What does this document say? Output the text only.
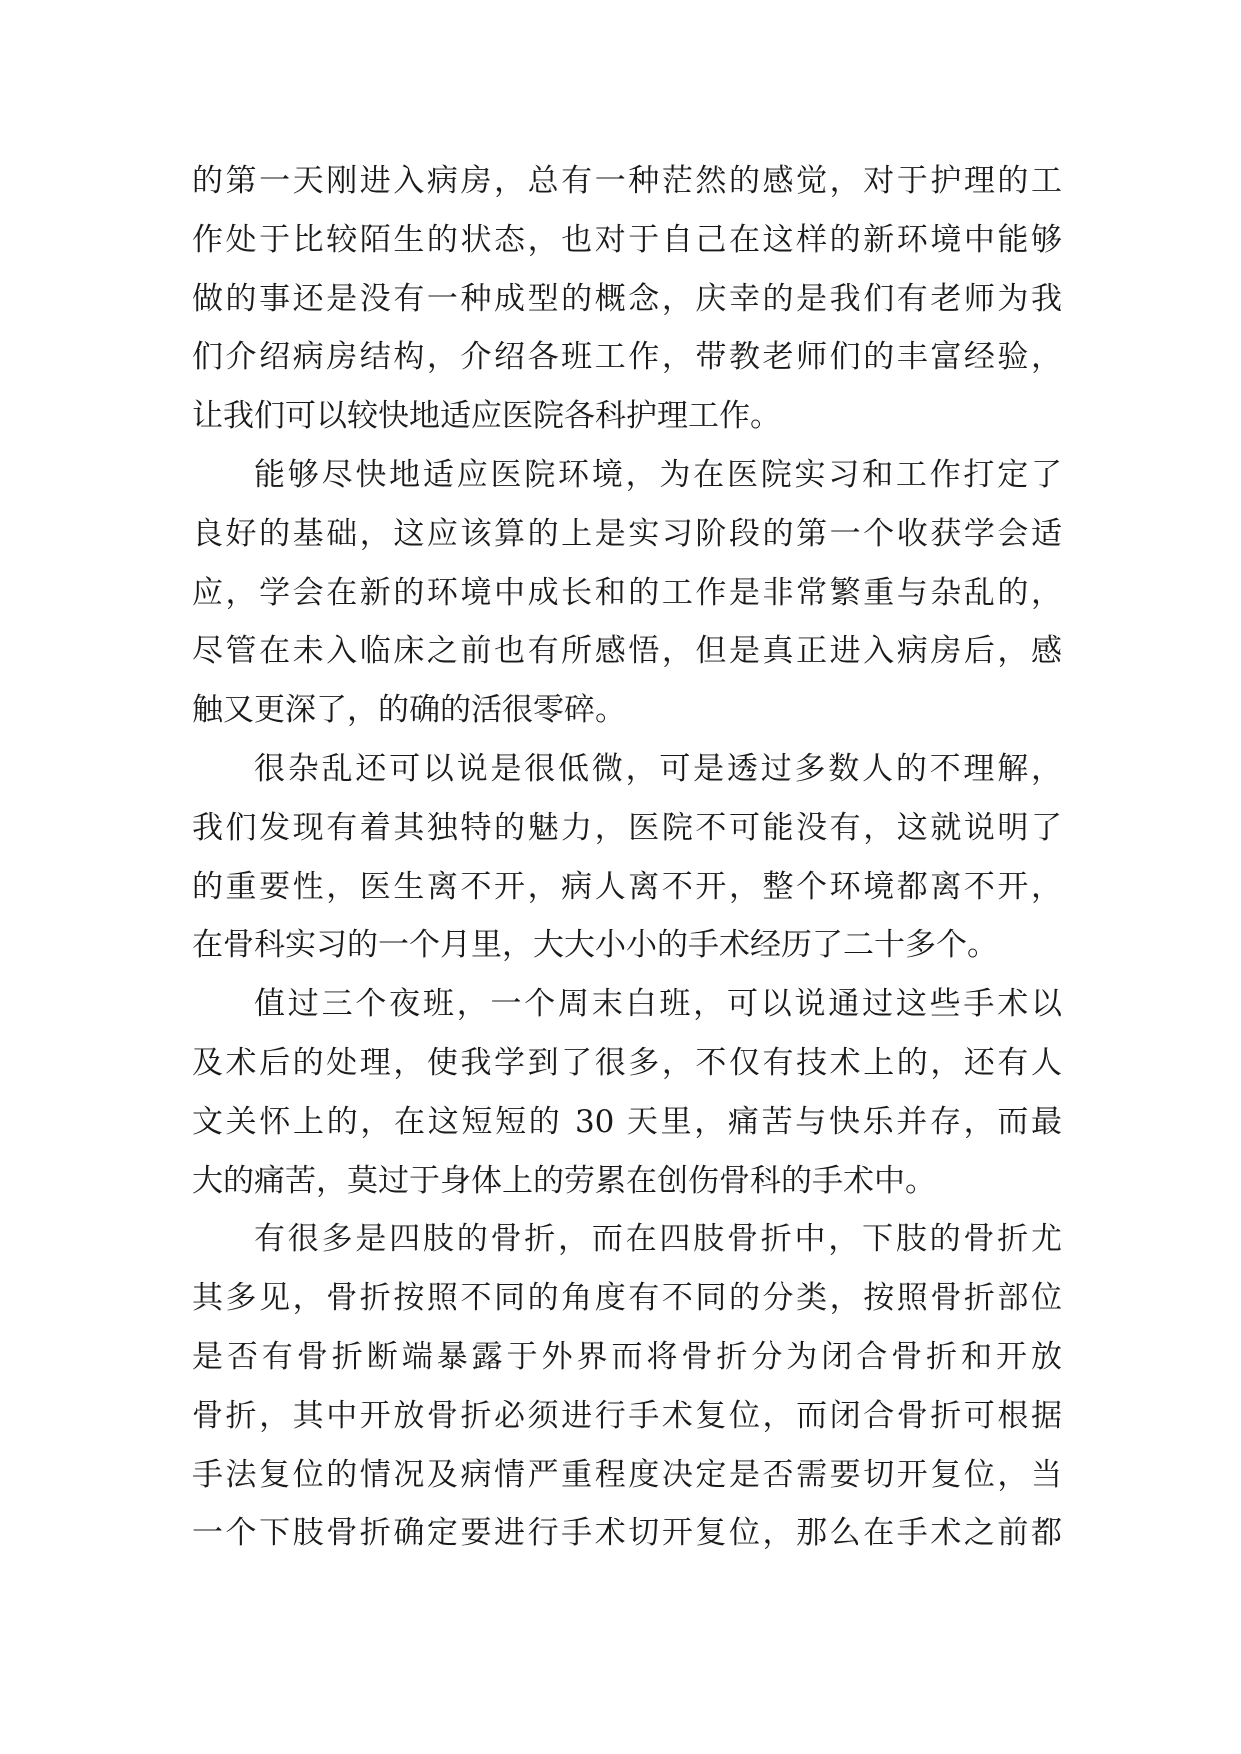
的第一天刚进入病房，总有一种茫然的感觉，对于护理的工
作处于比较陌生的状态，也对于自己在这样的新环境中能够
做的事还是没有一种成型的概念，庆幸的是我们有老师为我
们介绍病房结构，介绍各班工作，带教老师们的丰富经验，
让我们可以较快地适应医院各科护理工作。
能够尽快地适应医院环境，为在医院实习和工作打定了
良好的基础，这应该算的上是实习阶段的第一个收获学会适
应，学会在新的环境中成长和的工作是非常繁重与杂乱的，
尽管在未入临床之前也有所感悟，但是真正进入病房后，感
触又更深了，的确的活很零碎。
很杂乱还可以说是很低微，可是透过多数人的不理解，
我们发现有着其独特的魅力，医院不可能没有，这就说明了
的重要性，医生离不开，病人离不开，整个环境都离不开，
在骨科实习的一个月里，大大小小的手术经历了二十多个。
值过三个夜班，一个周末白班，可以说通过这些手术以
及术后的处理，使我学到了很多，不仅有技术上的，还有人
文关怀上的，在这短短的 30 天里，痛苦与快乐并存，而最
大的痛苦，莫过于身体上的劳累在创伤骨科的手术中。
有很多是四肢的骨折，而在四肢骨折中，下肢的骨折尤
其多见，骨折按照不同的角度有不同的分类，按照骨折部位
是否有骨折断端暴露于外界而将骨折分为闭合骨折和开放
骨折，其中开放骨折必须进行手术复位，而闭合骨折可根据
手法复位的情况及病情严重程度决定是否需要切开复位，当
一个下肢骨折确定要进行手术切开复位，那么在手术之前都
